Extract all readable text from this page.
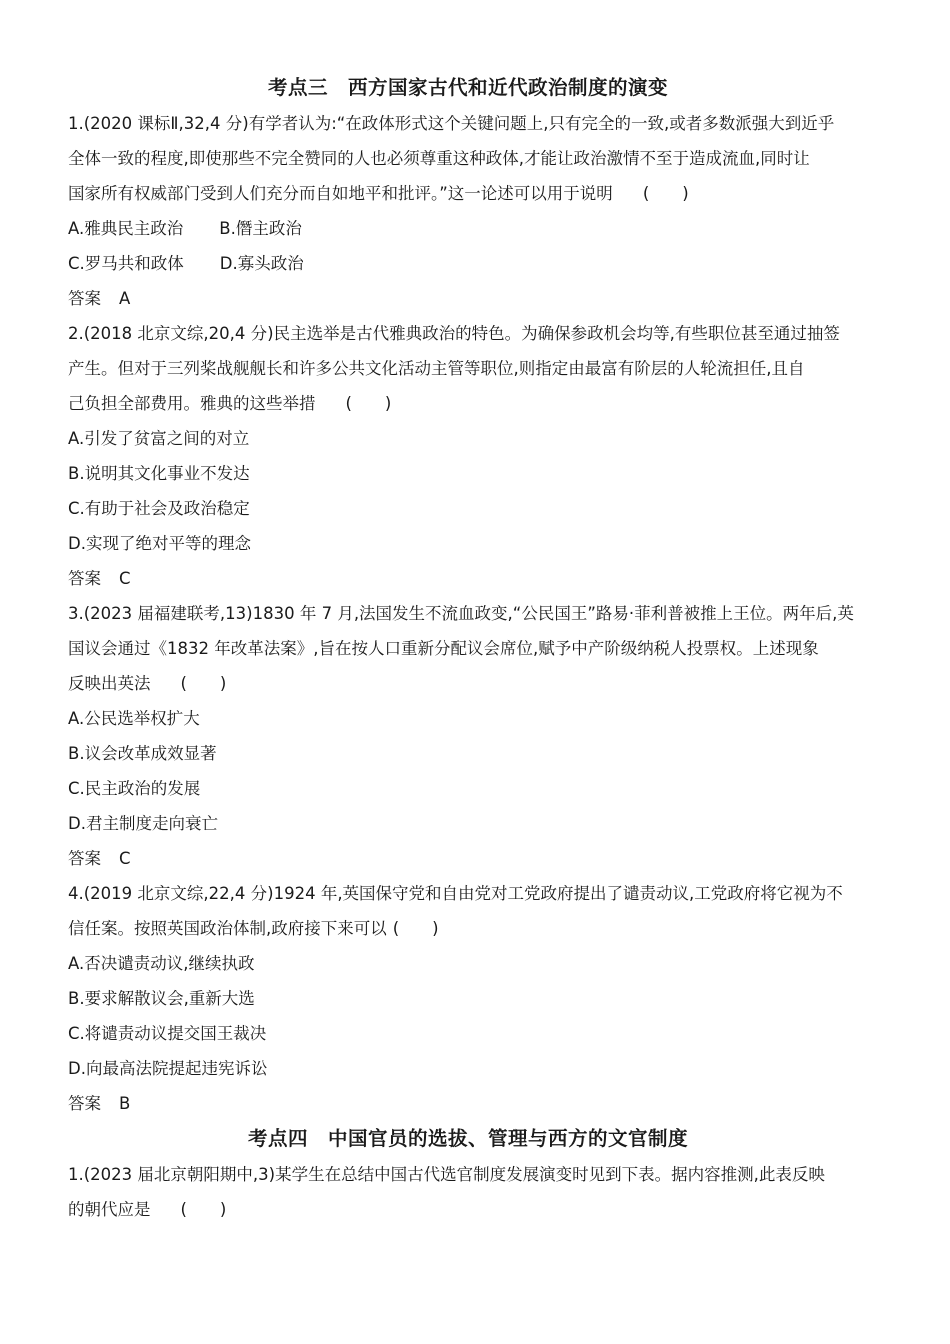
考点三　西方国家古代和近代政治制度的演变
1.(2020 课标Ⅱ,32,4 分)有学者认为:“在政体形式这个关键问题上,只有完全的一致,或者多数派强大到近乎
全体一致的程度,即使那些不完全赞同的人也必须尊重这种政体,才能让政治激情不至于造成流血,同时让
国家所有权威部门受到人们充分而自如地平和批评。”这一论述可以用于说明 (　　)
A.雅典民主政治 B.僭主政治
C.罗马共和政体 D.寡头政治
答案 A
2.(2018 北京文综,20,4 分)民主选举是古代雅典政治的特色。为确保参政机会均等,有些职位甚至通过抽签
产生。但对于三列桨战舰舰长和许多公共文化活动主管等职位,则指定由最富有阶层的人轮流担任,且自
己负担全部费用。雅典的这些举措 (　　)
A.引发了贫富之间的对立
B.说明其文化事业不发达
C.有助于社会及政治稳定
D.实现了绝对平等的理念
答案 C
3.(2023 届福建联考,13)1830 年 7 月,法国发生不流血政变,“公民国王”路易·菲利普被推上王位。两年后,英
国议会通过《1832 年改革法案》,旨在按人口重新分配议会席位,赋予中产阶级纳税人投票权。上述现象
反映出英法 (　　)
A.公民选举权扩大
B.议会改革成效显著
C.民主政治的发展
D.君主制度走向衰亡
答案 C
4.(2019 北京文综,22,4 分)1924 年,英国保守党和自由党对工党政府提出了谴责动议,工党政府将它视为不
信任案。按照英国政治体制,政府接下来可以 (　　)
A.否决谴责动议,继续执政
B.要求解散议会,重新大选
C.将谴责动议提交国王裁决
D.向最高法院提起违宪诉讼
答案 B
考点四　中国官员的选拔、管理与西方的文官制度
1.(2023 届北京朝阳期中,3)某学生在总结中国古代选官制度发展演变时见到下表。据内容推测,此表反映
的朝代应是 (　　)
